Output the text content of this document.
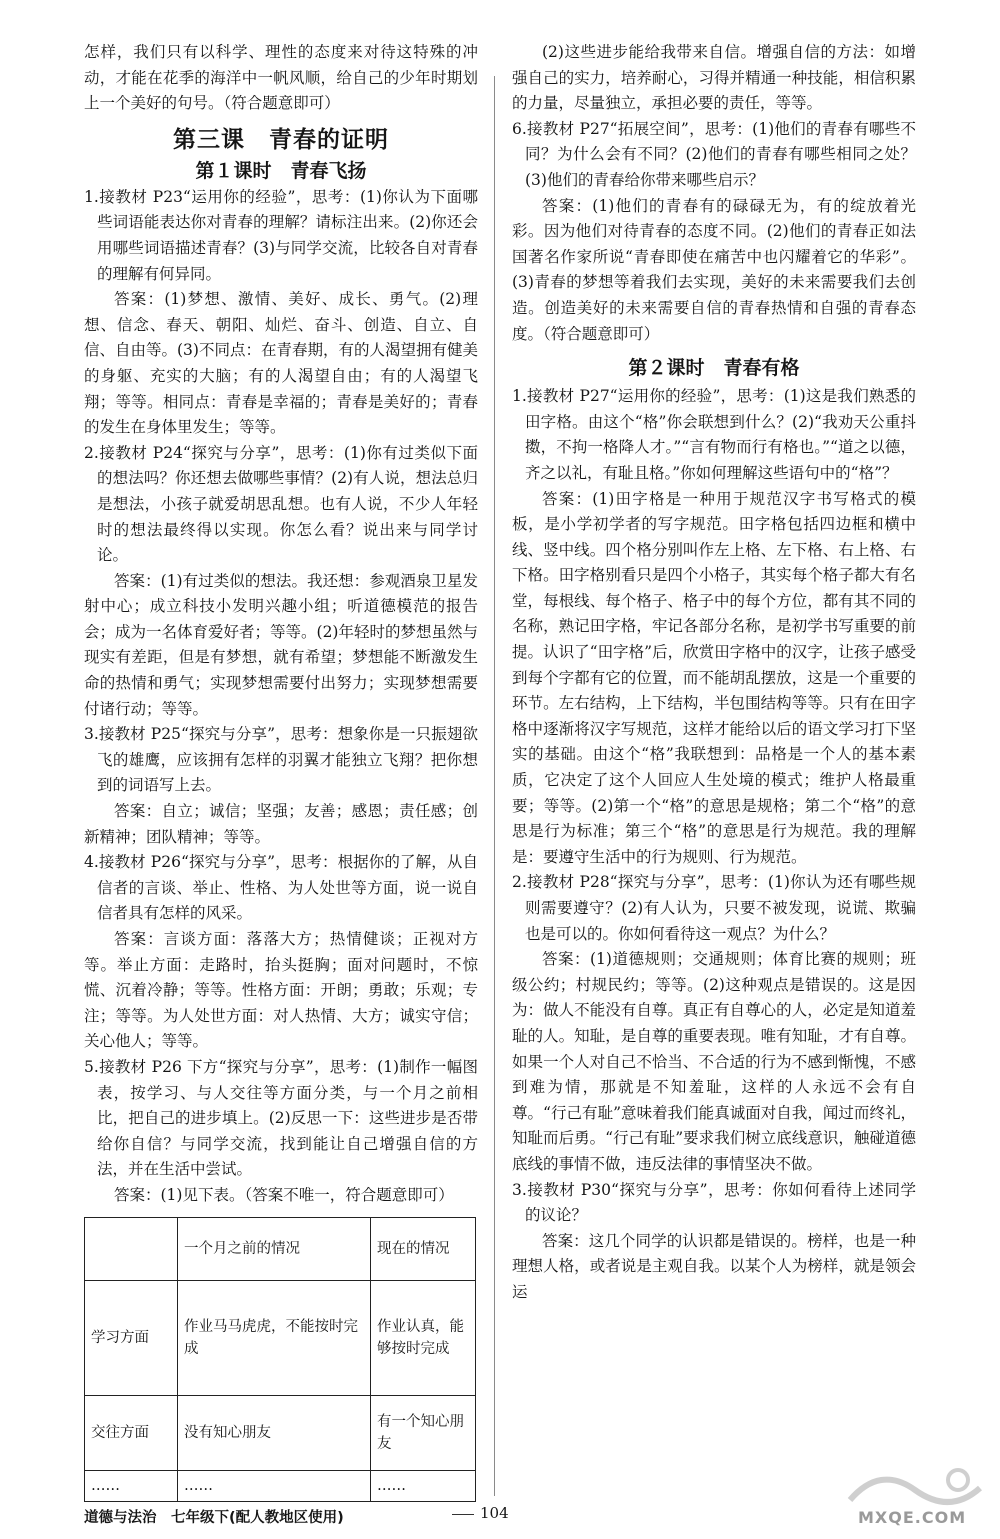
怎样，我们只有以科学、理性的态度来对待这特殊的冲动，才能在花季的海洋中一帆风顺，给自己的少年时期划上一个美好的句号。（符合题意即可）

第三课　青春的证明
第１课时　青春飞扬

1.接教材 P23“运用你的经验”，思考：(1)你认为下面哪些词语能表达你对青春的理解？请标注出来。(2)你还会用哪些词语描述青春？(3)与同学交流，比较各自对青春的理解有何异同。

答案：(1)梦想、激情、美好、成长、勇气。(2)理想、信念、春天、朝阳、灿烂、奋斗、创造、自立、自信、自由等。(3)不同点：在青春期，有的人渴望拥有健美的身躯、充实的大脑；有的人渴望自由；有的人渴望飞翔；等等。相同点：青春是幸福的；青春是美好的；青春的发生在身体里发生；等等。

2.接教材 P24“探究与分享”，思考：(1)你有过类似下面的想法吗？你还想去做哪些事情？(2)有人说，想法总归是想法，小孩子就爱胡思乱想。也有人说，不少人年轻时的想法最终得以实现。你怎么看？说出来与同学讨论。

答案：(1)有过类似的想法。我还想：参观酒泉卫星发射中心；成立科技小发明兴趣小组；听道德模范的报告会；成为一名体育爱好者；等等。(2)年轻时的梦想虽然与现实有差距，但是有梦想，就有希望；梦想能不断激发生命的热情和勇气；实现梦想需要付出努力；实现梦想需要付诸行动；等等。

3.接教材 P25“探究与分享”，思考：想象你是一只振翅欲飞的雄鹰，应该拥有怎样的羽翼才能独立飞翔？把你想到的词语写上去。

答案：自立；诚信；坚强；友善；感恩；责任感；创新精神；团队精神；等等。

4.接教材 P26“探究与分享”，思考：根据你的了解，从自信者的言谈、举止、性格、为人处世等方面，说一说自信者具有怎样的风采。

答案：言谈方面：落落大方；热情健谈；正视对方等。举止方面：走路时，抬头挺胸；面对问题时，不惊慌、沉着冷静；等等。性格方面：开朗；勇敢；乐观；专注；等等。为人处世方面：对人热情、大方；诚实守信；关心他人；等等。

5.接教材 P26 下方“探究与分享”，思考：(1)制作一幅图表，按学习、与人交往等方面分类，与一个月之前相比，把自己的进步填上。(2)反思一下：这些进步是否带给你自信？与同学交流，找到能让自己增强自信的方法，并在生活中尝试。

答案：(1)见下表。（答案不唯一，符合题意即可）

	一个月之前的情况	现在的情况
学习方面	作业马马虎虎，不能按时完成	作业认真，能够按时完成
交往方面	没有知心朋友	有一个知心朋友
……	……	……

(2)这些进步能给我带来自信。增强自信的方法：如增强自己的实力，培养耐心，习得并精通一种技能，相信积累的力量，尽量独立，承担必要的责任，等等。

6.接教材 P27“拓展空间”，思考：(1)他们的青春有哪些不同？为什么会有不同？(2)他们的青春有哪些相同之处？(3)他们的青春给你带来哪些启示？

答案：(1)他们的青春有的碌碌无为，有的绽放着光彩。因为他们对待青春的态度不同。(2)他们的青春正如法国著名作家所说“青春即使在痛苦中也闪耀着它的华彩”。(3)青春的梦想等着我们去实现，美好的未来需要我们去创造。创造美好的未来需要自信的青春热情和自强的青春态度。（符合题意即可）

第２课时　青春有格

1.接教材 P27“运用你的经验”，思考：(1)这是我们熟悉的田字格。由这个“格”你会联想到什么？(2)“我劝天公重抖擞，不拘一格降人才。”“言有物而行有格也。”“道之以德，齐之以礼，有耻且格。”你如何理解这些语句中的“格”？

答案：(1)田字格是一种用于规范汉字书写格式的模板，是小学初学者的写字规范。田字格包括四边框和横中线、竖中线。四个格分别叫作左上格、左下格、右上格、右下格。田字格别看只是四个小格子，其实每个格子都大有名堂，每根线、每个格子、格子中的每个方位，都有其不同的名称，熟记田字格，牢记各部分名称，是初学书写重要的前提。认识了“田字格”后，欣赏田字格中的汉字，让孩子感受到每个字都有它的位置，而不能胡乱摆放，这是一个重要的环节。左右结构，上下结构，半包围结构等等。只有在田字格中逐渐将汉字写规范，这样才能给以后的语文学习打下坚实的基础。由这个“格”我联想到：品格是一个人的基本素质，它决定了这个人回应人生处境的模式；维护人格最重要；等等。(2)第一个“格”的意思是规格；第二个“格”的意思是行为标准；第三个“格”的意思是行为规范。我的理解是：要遵守生活中的行为规则、行为规范。

2.接教材 P28“探究与分享”，思考：(1)你认为还有哪些规则需要遵守？(2)有人认为，只要不被发现，说谎、欺骗也是可以的。你如何看待这一观点？为什么？

答案：(1)道德规则；交通规则；体育比赛的规则；班级公约；村规民约；等等。(2)这种观点是错误的。这是因为：做人不能没有自尊。真正有自尊心的人，必定是知道羞耻的人。知耻，是自尊的重要表现。唯有知耻，才有自尊。如果一个人对自己不恰当、不合适的行为不感到惭愧，不感到难为情，那就是不知羞耻，这样的人永远不会有自尊。“行己有耻”意味着我们能真诚面对自我，闻过而终礼，知耻而后勇。“行己有耻”要求我们树立底线意识，触碰道德底线的事情不做，违反法律的事情坚决不做。

3.接教材 P30“探究与分享”，思考：你如何看待上述同学的议论？

答案：这几个同学的认识都是错误的。榜样，也是一种理想人格，或者说是主观自我。以某个人为榜样，就是领会运

道德与法治　七年级下(配人教地区使用)	104	MXQE.COM
